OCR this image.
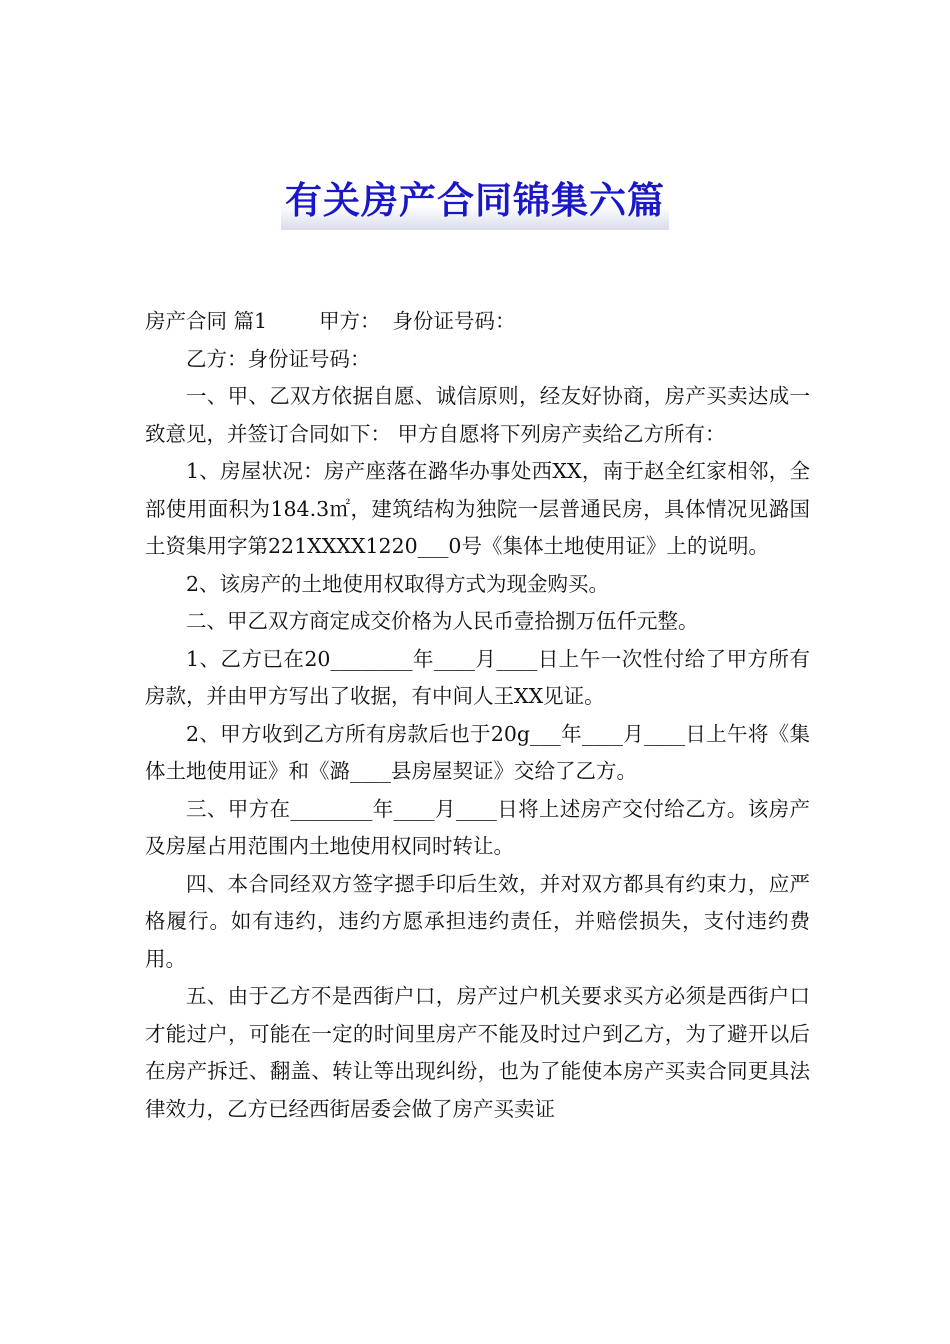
有关房产合同锦集六篇

房产合同 篇1	甲方： 身份证号码：

乙方：身份证号码：

一、甲、乙双方依据自愿、诚信原则，经友好协商，房产买卖达成一致意见，并签订合同如下： 甲方自愿将下列房产卖给乙方所有：

1、房屋状况：房产座落在潞华办事处西XX，南于赵全红家相邻，全部使用面积为184.3㎡，建筑结构为独院一层普通民房，具体情况见潞国土资集用字第221XXXX1220___0号《集体土地使用证》上的说明。

2、该房产的土地使用权取得方式为现金购买。

二、甲乙双方商定成交价格为人民币壹拾捌万伍仟元整。

1、乙方已在20________年____月____日上午一次性付给了甲方所有房款，并由甲方写出了收据，有中间人王XX见证。

2、甲方收到乙方所有房款后也于20g___年____月____日上午将《集体土地使用证》和《潞____县房屋契证》交给了乙方。

三、甲方在________年____月____日将上述房产交付给乙方。该房产及房屋占用范围内土地使用权同时转让。

四、本合同经双方签字摁手印后生效，并对双方都具有约束力，应严格履行。如有违约，违约方愿承担违约责任，并赔偿损失，支付违约费用。

五、由于乙方不是西街户口，房产过户机关要求买方必须是西街户口才能过户，可能在一定的时间里房产不能及时过户到乙方，为了避开以后在房产拆迁、翻盖、转让等出现纠纷，也为了能使本房产买卖合同更具法律效力，乙方已经西街居委会做了房产买卖证
